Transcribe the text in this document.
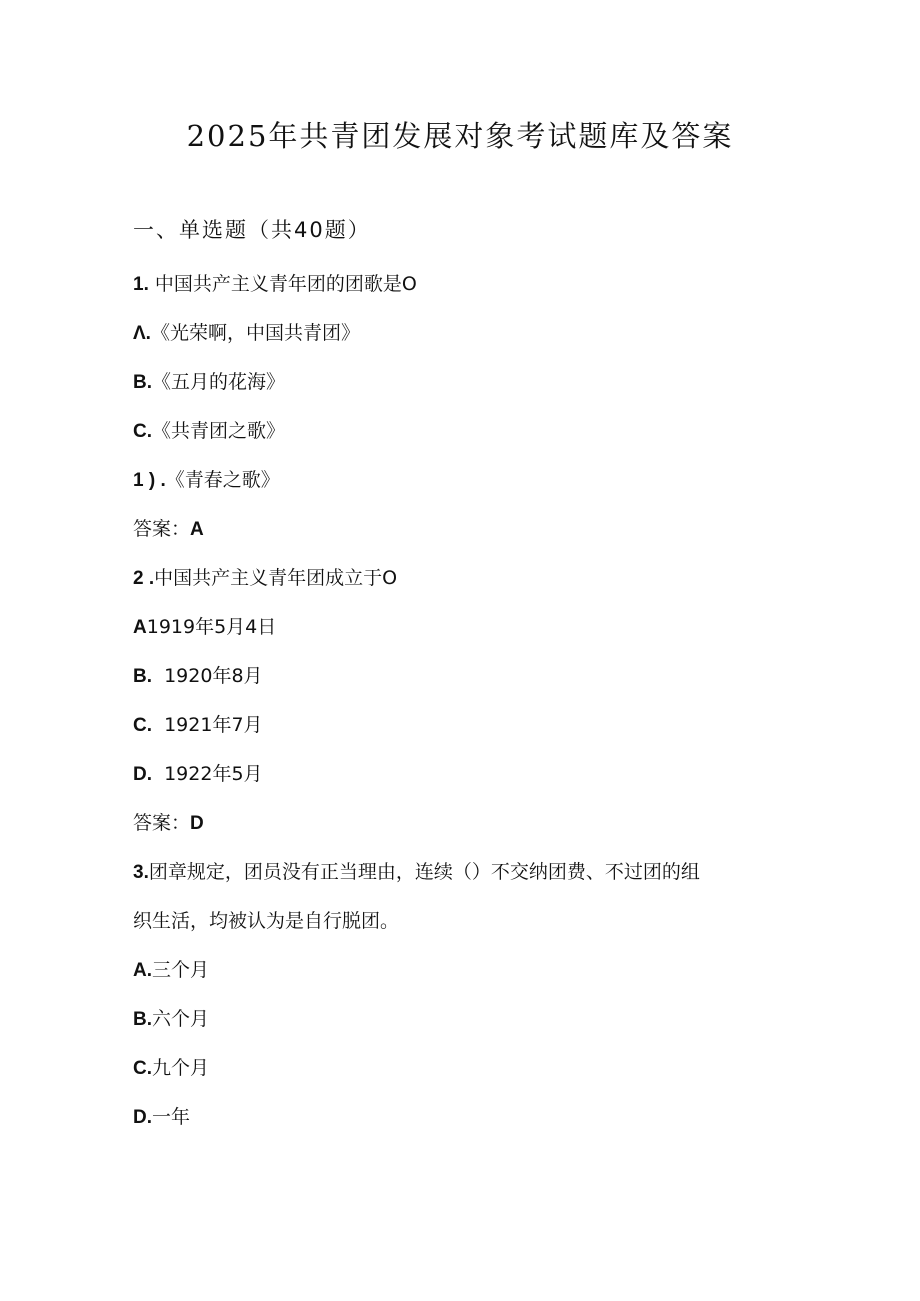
2025年共青团发展对象考试题库及答案
一、单选题（共40题）
1. 中国共产主义青年团的团歌是O
Λ.《光荣啊，中国共青团》
B.《五月的花海》
C.《共青团之歌》
1 ) .《青春之歌》
答案：A
2 .中国共产主义青年团成立于O
A1919年5月4日
B. 1920年8月
C. 1921年7月
D. 1922年5月
答案：D
3.团章规定，团员没有正当理由，连续（）不交纳团费、不过团的组
织生活，均被认为是自行脱团。
A.三个月
B.六个月
C.九个月
D.一年
